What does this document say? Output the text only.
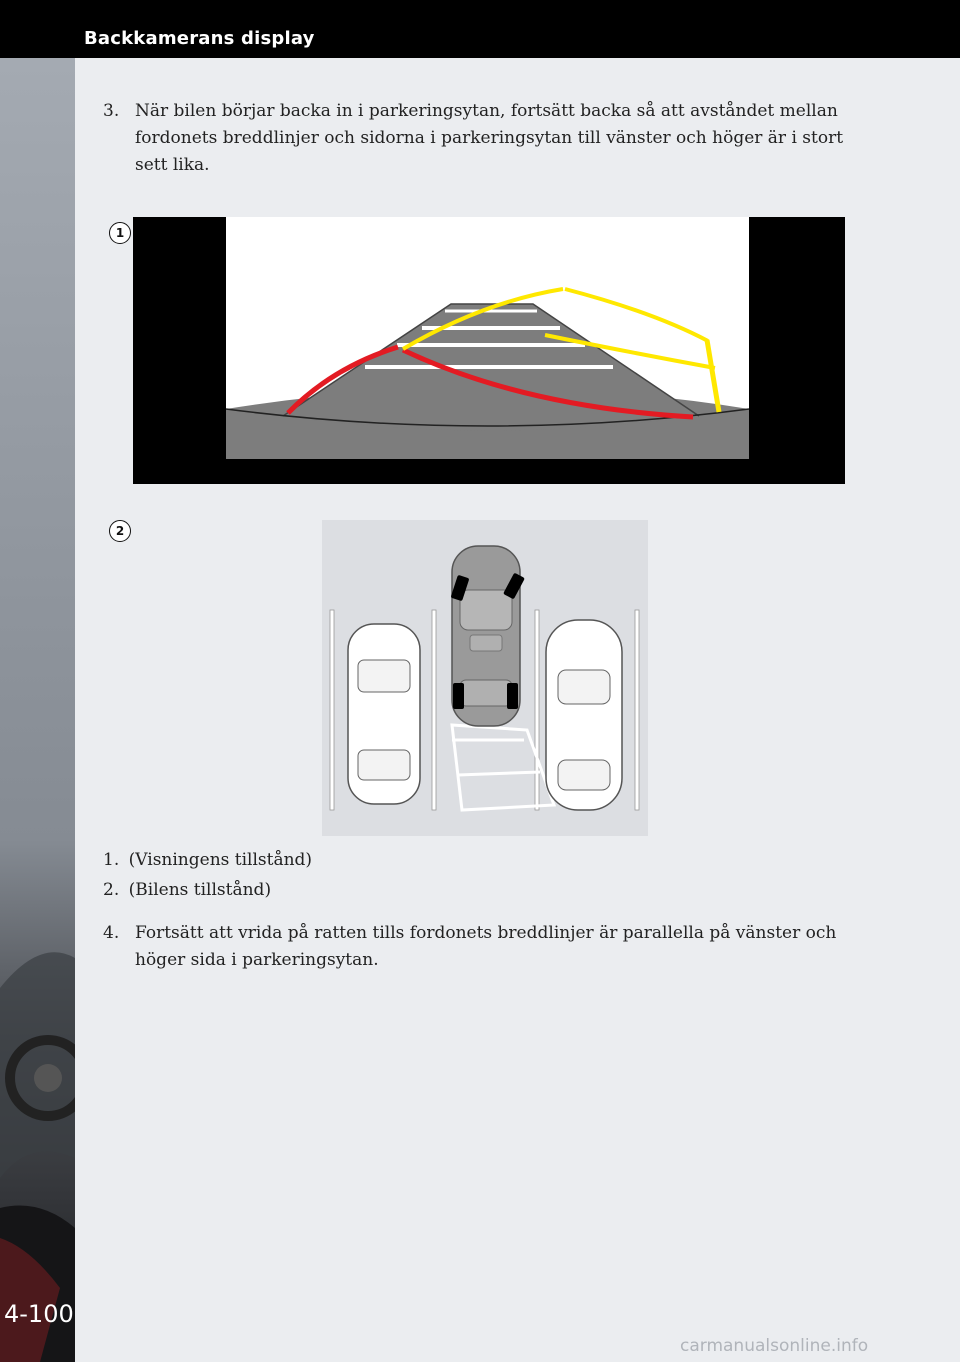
Backkamerans display
3. När bilen börjar backa in i parkeringsytan, fortsätt backa så att avståndet mellan
fordonets breddlinjer och sidorna i parkeringsytan till vänster och höger är i stort
sett lika.
1
2
1. (Visningens tillstånd)
2. (Bilens tillstånd)
4. Fortsätt att vrida på ratten tills fordonets breddlinjer är parallella på vänster och
höger sida i parkeringsytan.
4-100
carmanualsonline.info
